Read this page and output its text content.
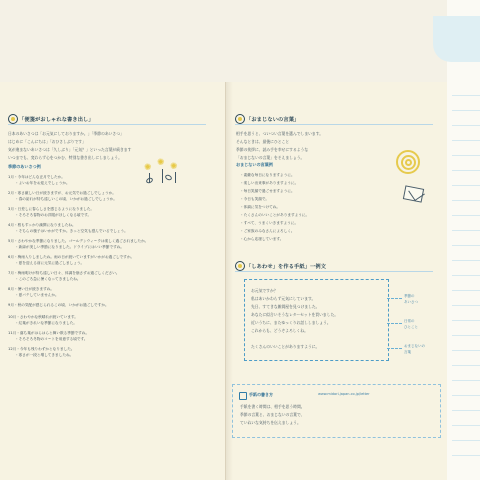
「便箋がおしゃれな書き出し」
日本のあいさつは「お元気にしておりますか。」「季節のあいさつ」
はじめに「こんにちは」「おひさしぶりです」
気が進まないあいさつは「久しぶり」「元気？」といった言葉が続きます
いつまでも、変わらず心をつかむ、特別な書き出しにしましょう。
季節のあいさつ例
1月・今年はどんな正月でしたか。
・よいお年をお迎えでしょうか。
2月・寒さ厳しい日が続きますが、お元気でお過ごしでしょうか。
・春の訪れが待ち遠しいこの頃、いかがお過ごしでしょうか。
3月・日差しに春らしさを感じるようになりました。
・そろそろ春物のお洋服がほしくなる頃です。
4月・桜もすっかり満開になりましたね。
・そちらの様子はいかがですか。きっと空気も澄んでいるでしょう。
5月・さわやかな季節になりました。ゴールデンウィークは楽しく過ごされましたか。
・新緑が美しい季節になりました。ドライブにはいい季節ですね。
6月・梅雨入りしましたね。雨の日が続いていますがいかがお過ごしですか。
・夏を迎える前に元気に過ごしましょう。
7月・梅雨明けが待ち遠しい日々、体調を崩さずお過ごしください。
・このごろ急に暑くなってきましたね。
8月・暑い日が続きますね。
・夏バテしていませんか。
9月・秋の気配が感じられるこの頃、いかがお過ごしですか。
10月・さわやかな秋晴れが続いています。
・紅葉がきれいな季節になりました。
11月・落ち葉がはらはらと舞い散る季節ですね。
・そろそろ冬物のコートを用意する頃です。
12月・今年も残りわずかとなりました。
・寒さが一段と増してきましたね。
✺ ✺ ✺
「おまじないの言葉」
相手を思うと、ついつい言葉を選んでしまいます。
そんなときは、最後にひとこと
季節の挨拶に、読み手を幸せにするような
「おまじないの言葉」をそえましょう。
おまじないの言葉例
・素敵な毎日になりますように。
・楽しい出来事がありますように。
・毎日笑顔で過ごせますように。
・今日も笑顔で。
・体調に気をつけてね。
・たくさんのいいことがありますように。
・すべて、うまくいきますように。
・ご家族のみなさんによろしく。
・心から応援しています。
「しあわせ」を作る手紙」一例文
お元気ですか？
私はあいかわらず元気にしています。
先日、すてきな雑貨屋を見つけました。
あなたに似合いそうなレターセットを買いました。
近いうちに、またゆっくりお話ししましょう。
これからも、どうぞよろしくね。
たくさんのいいことがありますように。
季節の
あいさつ
日常の
ひとこと
おまじないの
言葉
手紙の書き方	www.midori-japan.co.jp/letter
手紙を書く時間は、相手を思う時間。
季節の言葉と、おまじないの言葉で、
ていねいな気持ちを伝えましょう。
